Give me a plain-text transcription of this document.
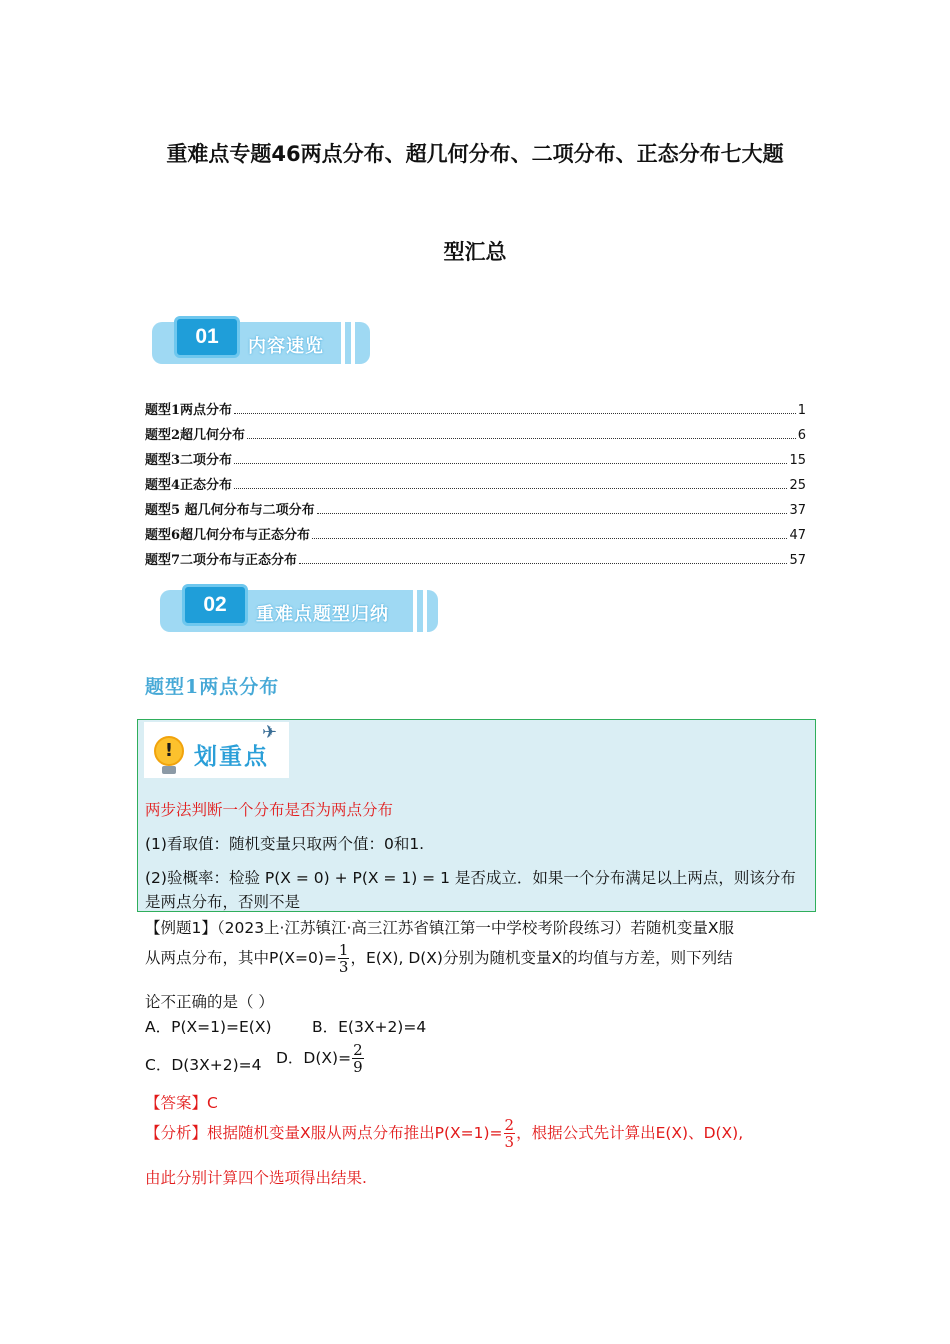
重难点专题46两点分布、超几何分布、二项分布、正态分布七大题
型汇总
01	内容速览
题型1两点分布	1
题型2超几何分布	6
题型3二项分布	15
题型4正态分布	25
题型5 超几何分布与二项分布	37
题型6超几何分布与正态分布	47
题型7二项分布与正态分布	57
02	重难点题型归纳
题型1两点分布
! 划重点
✈
两步法判断一个分布是否为两点分布
(1)看取值：随机变量只取两个值：0和1.
(2)验概率：检验 P(X = 0) + P(X = 1) = 1 是否成立．如果一个分布满足以上两点，则该分布
是两点分布，否则不是
【例题1】（2023上·江苏镇江·高三江苏省镇江第一中学校考阶段练习）若随机变量X服
从两点分布，其中$P(X=0)= \frac{1}{3}$ ，E(X), D(X)分别为随机变量X的均值与方差，则下列结
论不正确的是（ ）
A．P(X=1)=E(X)	B．E(3X+2)=4
C．D(3X+2)=4 D．$D(X)= \frac{2}{9}$
【答案】C
【分析】根据随机变量X服从两点分布推出$P(X=1)= \frac{2}{3}$ ，根据公式先计算出E(X)、D(X),
由此分别计算四个选项得出结果.
